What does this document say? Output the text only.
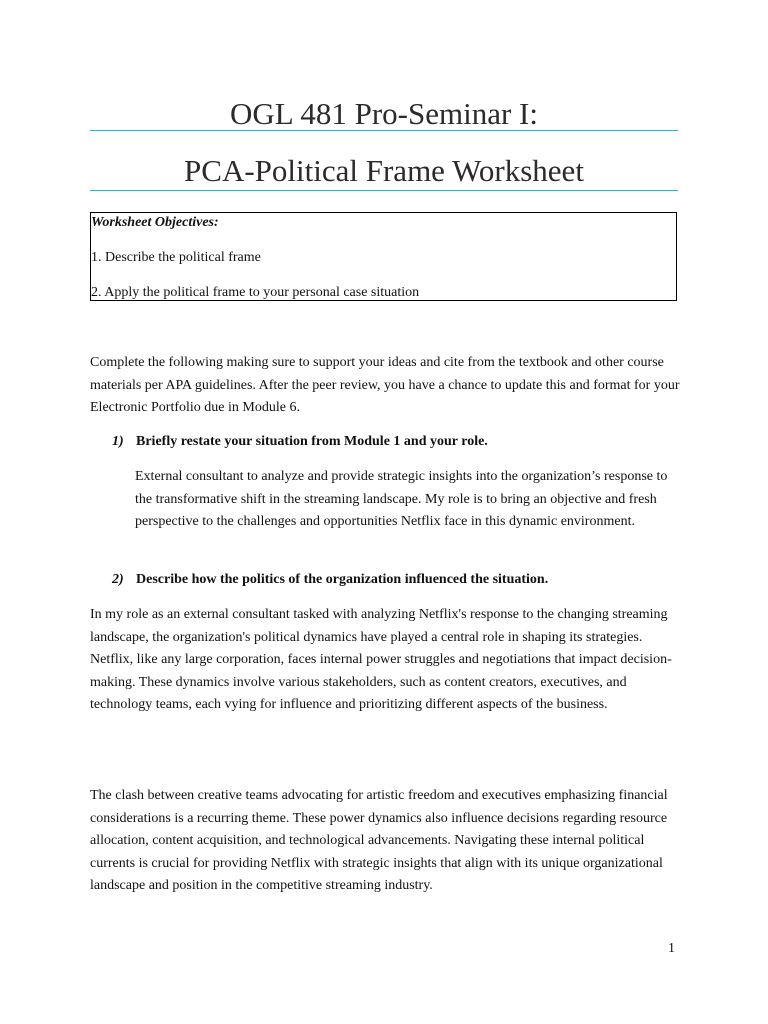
OGL 481 Pro-Seminar I:
PCA-Political Frame Worksheet
Worksheet Objectives:
1. Describe the political frame
2. Apply the political frame to your personal case situation

Complete the following making sure to support your ideas and cite from the textbook and other course materials per APA guidelines. After the peer review, you have a chance to update this and format for your Electronic Portfolio due in Module 6.

1) Briefly restate your situation from Module 1 and your role.

External consultant to analyze and provide strategic insights into the organization’s response to the transformative shift in the streaming landscape. My role is to bring an objective and fresh perspective to the challenges and opportunities Netflix face in this dynamic environment.

2) Describe how the politics of the organization influenced the situation.

In my role as an external consultant tasked with analyzing Netflix's response to the changing streaming landscape, the organization's political dynamics have played a central role in shaping its strategies. Netflix, like any large corporation, faces internal power struggles and negotiations that impact decision-making. These dynamics involve various stakeholders, such as content creators, executives, and technology teams, each vying for influence and prioritizing different aspects of the business.

The clash between creative teams advocating for artistic freedom and executives emphasizing financial considerations is a recurring theme. These power dynamics also influence decisions regarding resource allocation, content acquisition, and technological advancements. Navigating these internal political currents is crucial for providing Netflix with strategic insights that align with its unique organizational landscape and position in the competitive streaming industry.

1
